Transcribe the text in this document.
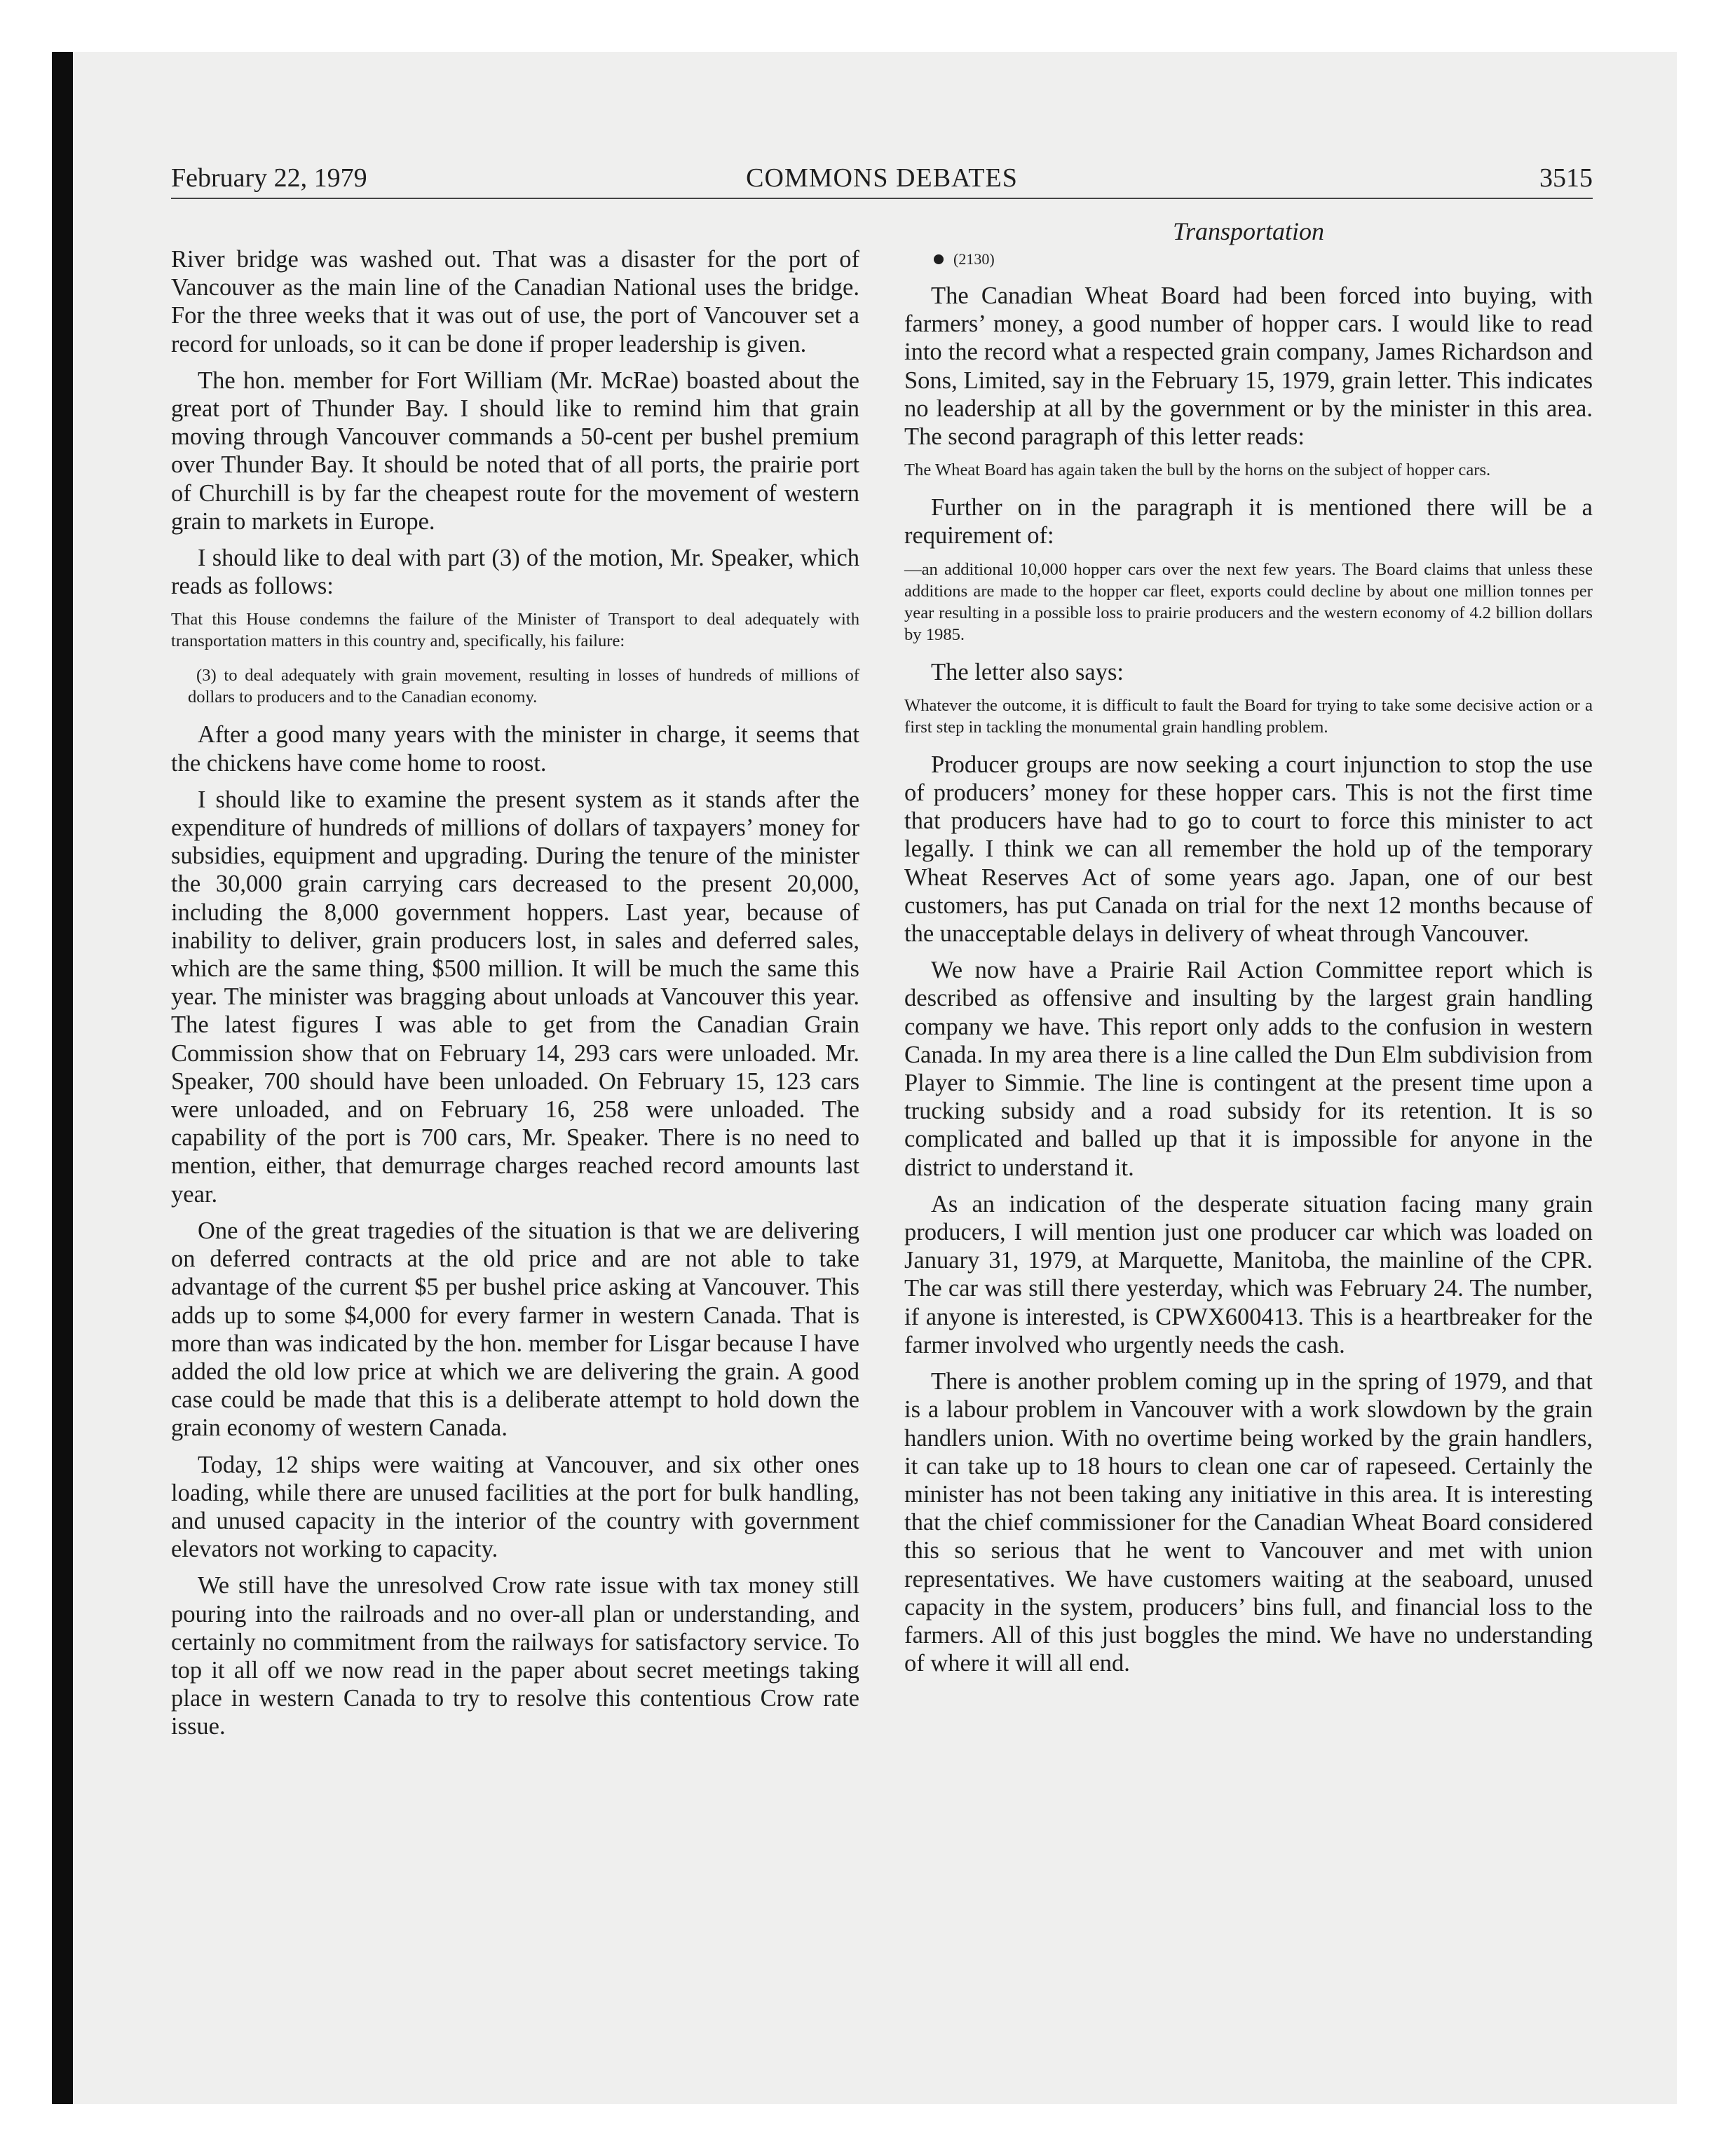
February 22, 1979	COMMONS DEBATES	3515
Transportation

River bridge was washed out. That was a disaster for the port of Vancouver as the main line of the Canadian National uses the bridge. For the three weeks that it was out of use, the port of Vancouver set a record for unloads, so it can be done if proper leadership is given.

The hon. member for Fort William (Mr. McRae) boasted about the great port of Thunder Bay. I should like to remind him that grain moving through Vancouver commands a 50-cent per bushel premium over Thunder Bay. It should be noted that of all ports, the prairie port of Churchill is by far the cheapest route for the movement of western grain to markets in Europe.

I should like to deal with part (3) of the motion, Mr. Speaker, which reads as follows:

That this House condemns the failure of the Minister of Transport to deal adequately with transportation matters in this country and, specifically, his failure:

(3) to deal adequately with grain movement, resulting in losses of hundreds of millions of dollars to producers and to the Canadian economy.

After a good many years with the minister in charge, it seems that the chickens have come home to roost.

I should like to examine the present system as it stands after the expenditure of hundreds of millions of dollars of taxpayers’ money for subsidies, equipment and upgrading. During the tenure of the minister the 30,000 grain carrying cars decreased to the present 20,000, including the 8,000 government hoppers. Last year, because of inability to deliver, grain producers lost, in sales and deferred sales, which are the same thing, $500 million. It will be much the same this year. The minister was bragging about unloads at Vancouver this year. The latest figures I was able to get from the Canadian Grain Commission show that on February 14, 293 cars were unloaded. Mr. Speaker, 700 should have been unloaded. On February 15, 123 cars were unloaded, and on February 16, 258 were unloaded. The capability of the port is 700 cars, Mr. Speaker. There is no need to mention, either, that demurrage charges reached record amounts last year.

One of the great tragedies of the situation is that we are delivering on deferred contracts at the old price and are not able to take advantage of the current $5 per bushel price asking at Vancouver. This adds up to some $4,000 for every farmer in western Canada. That is more than was indicated by the hon. member for Lisgar because I have added the old low price at which we are delivering the grain. A good case could be made that this is a deliberate attempt to hold down the grain economy of western Canada.

Today, 12 ships were waiting at Vancouver, and six other ones loading, while there are unused facilities at the port for bulk handling, and unused capacity in the interior of the country with government elevators not working to capacity.

We still have the unresolved Crow rate issue with tax money still pouring into the railroads and no over-all plan or understanding, and certainly no commitment from the railways for satisfactory service. To top it all off we now read in the paper about secret meetings taking place in western Canada to try to resolve this contentious Crow rate issue.

(2130)

The Canadian Wheat Board had been forced into buying, with farmers’ money, a good number of hopper cars. I would like to read into the record what a respected grain company, James Richardson and Sons, Limited, say in the February 15, 1979, grain letter. This indicates no leadership at all by the government or by the minister in this area. The second paragraph of this letter reads:

The Wheat Board has again taken the bull by the horns on the subject of hopper cars.

Further on in the paragraph it is mentioned there will be a requirement of:

—an additional 10,000 hopper cars over the next few years. The Board claims that unless these additions are made to the hopper car fleet, exports could decline by about one million tonnes per year resulting in a possible loss to prairie producers and the western economy of 4.2 billion dollars by 1985.

The letter also says:

Whatever the outcome, it is difficult to fault the Board for trying to take some decisive action or a first step in tackling the monumental grain handling problem.

Producer groups are now seeking a court injunction to stop the use of producers’ money for these hopper cars. This is not the first time that producers have had to go to court to force this minister to act legally. I think we can all remember the hold up of the temporary Wheat Reserves Act of some years ago. Japan, one of our best customers, has put Canada on trial for the next 12 months because of the unacceptable delays in delivery of wheat through Vancouver.

We now have a Prairie Rail Action Committee report which is described as offensive and insulting by the largest grain handling company we have. This report only adds to the confusion in western Canada. In my area there is a line called the Dun Elm subdivision from Player to Simmie. The line is contingent at the present time upon a trucking subsidy and a road subsidy for its retention. It is so complicated and balled up that it is impossible for anyone in the district to understand it.

As an indication of the desperate situation facing many grain producers, I will mention just one producer car which was loaded on January 31, 1979, at Marquette, Manitoba, the mainline of the CPR. The car was still there yesterday, which was February 24. The number, if anyone is interested, is CPWX600413. This is a heartbreaker for the farmer involved who urgently needs the cash.

There is another problem coming up in the spring of 1979, and that is a labour problem in Vancouver with a work slowdown by the grain handlers union. With no overtime being worked by the grain handlers, it can take up to 18 hours to clean one car of rapeseed. Certainly the minister has not been taking any initiative in this area. It is interesting that the chief commissioner for the Canadian Wheat Board considered this so serious that he went to Vancouver and met with union representatives. We have customers waiting at the seaboard, unused capacity in the system, producers’ bins full, and financial loss to the farmers. All of this just boggles the mind. We have no understanding of where it will all end.
